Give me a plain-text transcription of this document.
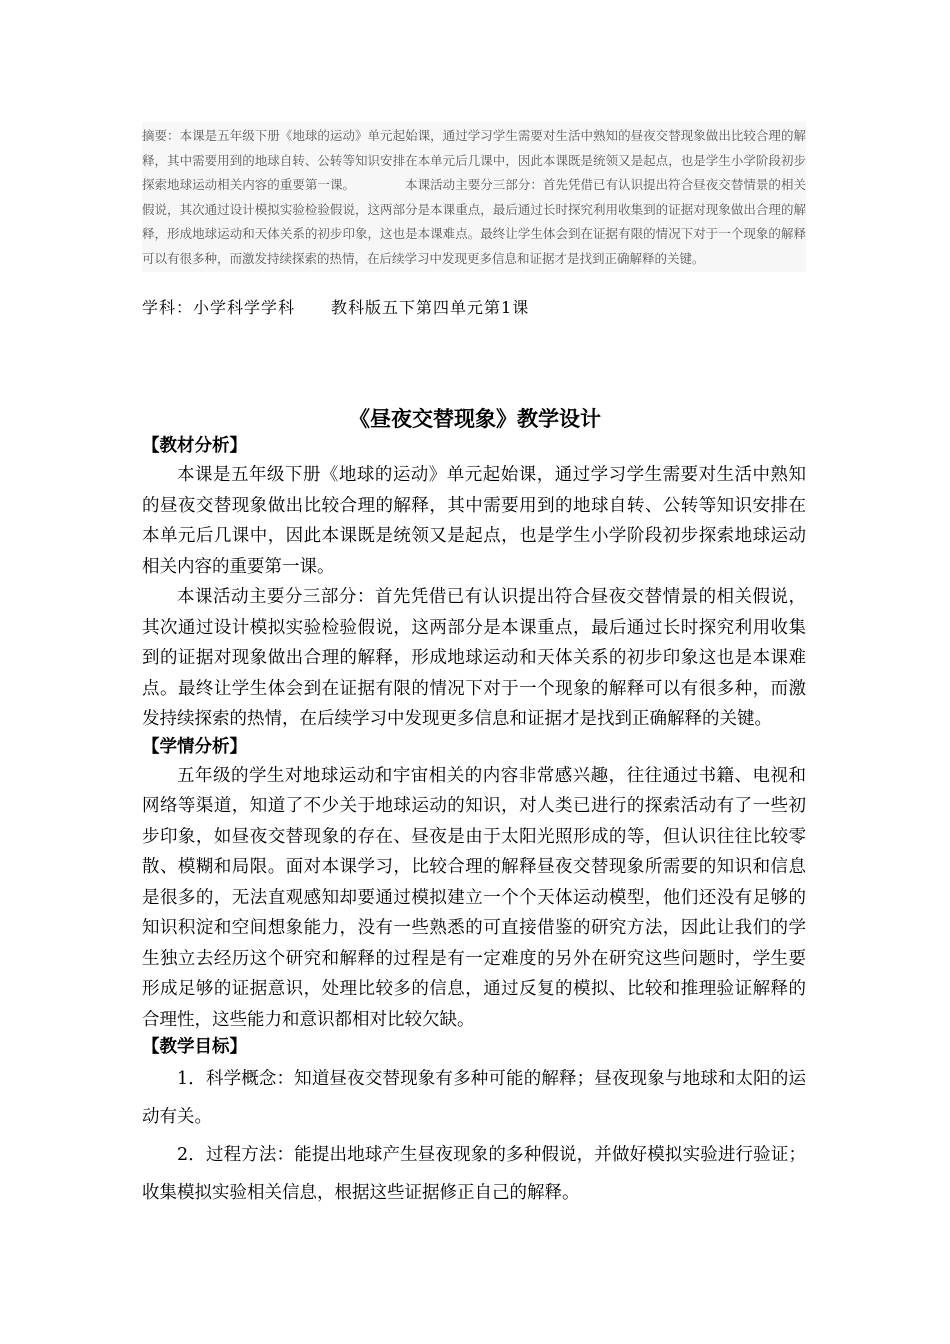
摘要：本课是五年级下册《地球的运动》单元起始课，通过学习学生需要对生活中熟知的昼夜交替现象做出比较合理的解释，其中需要用到的地球自转、公转等知识安排在本单元后几课中，因此本课既是统领又是起点，也是学生小学阶段初步探索地球运动相关内容的重要第一课。	本课活动主要分三部分：首先凭借已有认识提出符合昼夜交替情景的相关假说，其次通过设计模拟实验检验假说，这两部分是本课重点，最后通过长时探究利用收集到的证据对现象做出合理的解释，形成地球运动和天体关系的初步印象，这也是本课难点。最终让学生体会到在证据有限的情况下对于一个现象的解释可以有很多种，而激发持续探索的热情，在后续学习中发现更多信息和证据才是找到正确解释的关键。
学科：小学科学学科 教科版五下第四单元第1课
《昼夜交替现象》教学设计

【教材分析】

本课是五年级下册《地球的运动》单元起始课，通过学习学生需要对生活中熟知的昼夜交替现象做出比较合理的解释，其中需要用到的地球自转、公转等知识安排在本单元后几课中，因此本课既是统领又是起点，也是学生小学阶段初步探索地球运动相关内容的重要第一课。

本课活动主要分三部分：首先凭借已有认识提出符合昼夜交替情景的相关假说，其次通过设计模拟实验检验假说，这两部分是本课重点，最后通过长时探究利用收集到的证据对现象做出合理的解释，形成地球运动和天体关系的初步印象这也是本课难点。最终让学生体会到在证据有限的情况下对于一个现象的解释可以有很多种，而激发持续探索的热情，在后续学习中发现更多信息和证据才是找到正确解释的关键。

【学情分析】

五年级的学生对地球运动和宇宙相关的内容非常感兴趣，往往通过书籍、电视和网络等渠道，知道了不少关于地球运动的知识，对人类已进行的探索活动有了一些初步印象，如昼夜交替现象的存在、昼夜是由于太阳光照形成的等，但认识往往比较零散、模糊和局限。面对本课学习，比较合理的解释昼夜交替现象所需要的知识和信息是很多的，无法直观感知却要通过模拟建立一个个天体运动模型，他们还没有足够的知识积淀和空间想象能力，没有一些熟悉的可直接借鉴的研究方法，因此让我们的学生独立去经历这个研究和解释的过程是有一定难度的另外在研究这些问题时，学生要形成足够的证据意识，处理比较多的信息，通过反复的模拟、比较和推理验证解释的合理性，这些能力和意识都相对比较欠缺。

【教学目标】

1．科学概念：知道昼夜交替现象有多种可能的解释；昼夜现象与地球和太阳的运动有关。

2．过程方法：能提出地球产生昼夜现象的多种假说，并做好模拟实验进行验证；收集模拟实验相关信息，根据这些证据修正自己的解释。
